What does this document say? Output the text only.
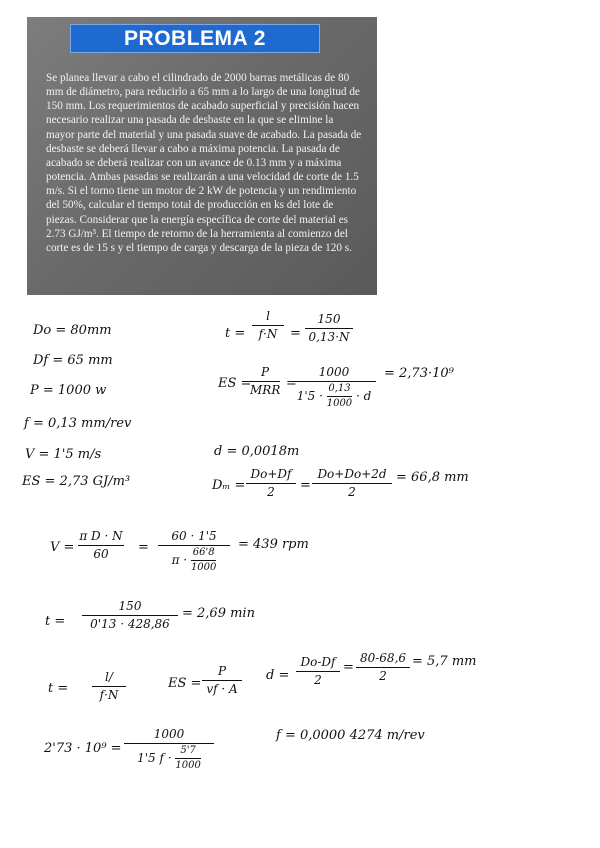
PROBLEMA 2

Se planea llevar a cabo el cilindrado de 2000 barras metálicas de 80 mm de diámetro, para reducirlo a 65 mm a lo largo de una longitud de 150 mm. Los requerimientos de acabado superficial y precisión hacen necesario realizar una pasada de desbaste en la que se elimine la mayor parte del material y una pasada suave de acabado. La pasada de desbaste se deberá llevar a cabo a máxima potencia. La pasada de acabado se deberá realizar con un avance de 0.13 mm y a máxima potencia. Ambas pasadas se realizarán a una velocidad de corte de 1.5 m/s. Si el torno tiene un motor de 2 kW de potencia y un rendimiento del 50%, calcular el tiempo total de producción en ks del lote de piezas. Considerar que la energía específica de corte del material es 2.73 GJ/m³. El tiempo de retorno de la herramienta al comienzo del corte es de 15 s y el tiempo de carga y descarga de la pieza de 120 s.

Do = 80mm
Df = 65 mm
P = 1000 w
f = 0,13 mm/rev
V = 1'5 m/s
ES = 2,73 GJ/m³
t =
l
f·N =
150
0,13·N
ES =
P
MRR =
1000
$1'5 \cdot \frac{0,13}{1000} \cdot d$
= 2,73·10⁹
d = 0,0018m
Dₘ =
Do+Df
2	=
Do+Do+2d
2
= 66,8 mm
V =
π D · N
60	=
60 · 1'5
$\pi \cdot \frac{66'8}{1000}$
= 439 rpm
t =
150
0'13 · 428,86
= 2,69 min
t =
l/
f·N
ES =
P
vf · A
d =
Do-Df
2
=
80-68,6
2
= 5,7 mm
2'73 · 10⁹ =
1000
1'5 $f \cdot \frac{5'7}{1000}$
f = 0,0000 4274 m/rev
